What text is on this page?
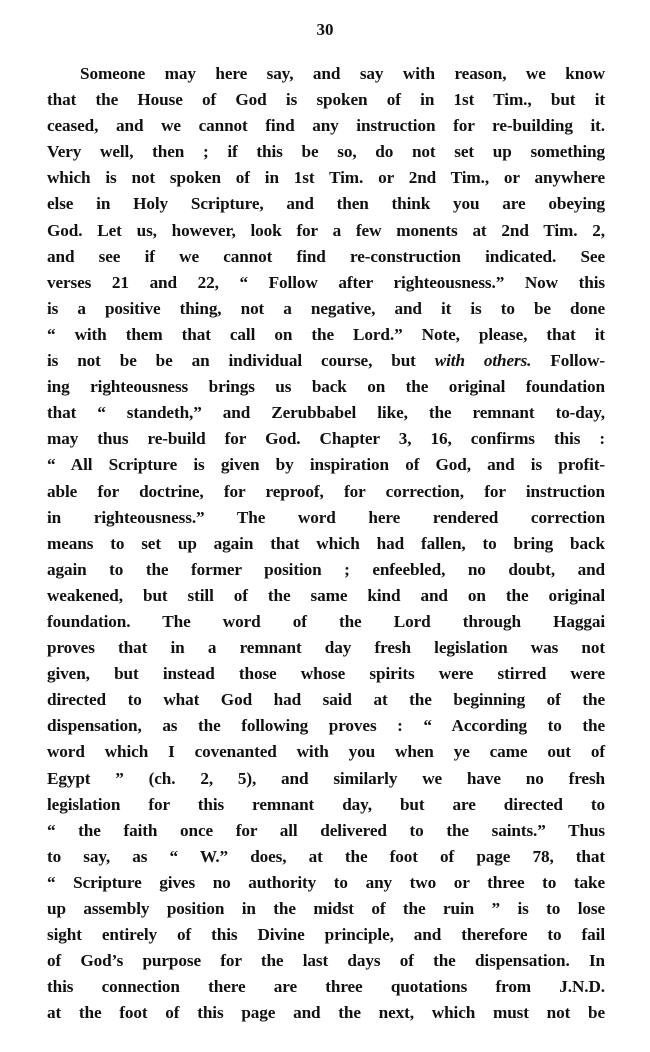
30

Someone may here say, and say with reason, we know
that the House of God is spoken of in 1st Tim., but it
ceased, and we cannot find any instruction for re-building it.
Very well, then ; if this be so, do not set up something
which is not spoken of in 1st Tim. or 2nd Tim., or anywhere
else in Holy Scripture, and then think you are obeying
God. Let us, however, look for a few monents at 2nd Tim. 2,
and see if we cannot find re-construction indicated. See
verses 21 and 22, “ Follow after righteousness.” Now this
is a positive thing, not a negative, and it is to be done
“ with them that call on the Lord.” Note, please, that it
is not be be an individual course, but with others. Follow-
ing righteousness brings us back on the original foundation
that “ standeth,” and Zerubbabel like, the remnant to-day,
may thus re-build for God. Chapter 3, 16, confirms this :
“ All Scripture is given by inspiration of God, and is profit-
able for doctrine, for reproof, for correction, for instruction
in righteousness.” The word here rendered correction
means to set up again that which had fallen, to bring back
again to the former position ; enfeebled, no doubt, and
weakened, but still of the same kind and on the original
foundation. The word of the Lord through Haggai
proves that in a remnant day fresh legislation was not
given, but instead those whose spirits were stirred were
directed to what God had said at the beginning of the
dispensation, as the following proves : “ According to the
word which I covenanted with you when ye came out of
Egypt ” (ch. 2, 5), and similarly we have no fresh
legislation for this remnant day, but are directed to
“ the faith once for all delivered to the saints.” Thus
to say, as “ W.” does, at the foot of page 78, that
“ Scripture gives no authority to any two or three to take
up assembly position in the midst of the ruin ” is to lose
sight entirely of this Divine principle, and therefore to fail
of God’s purpose for the last days of the dispensation. In
this connection there are three quotations from J.N.D.
at the foot of this page and the next, which must not be
